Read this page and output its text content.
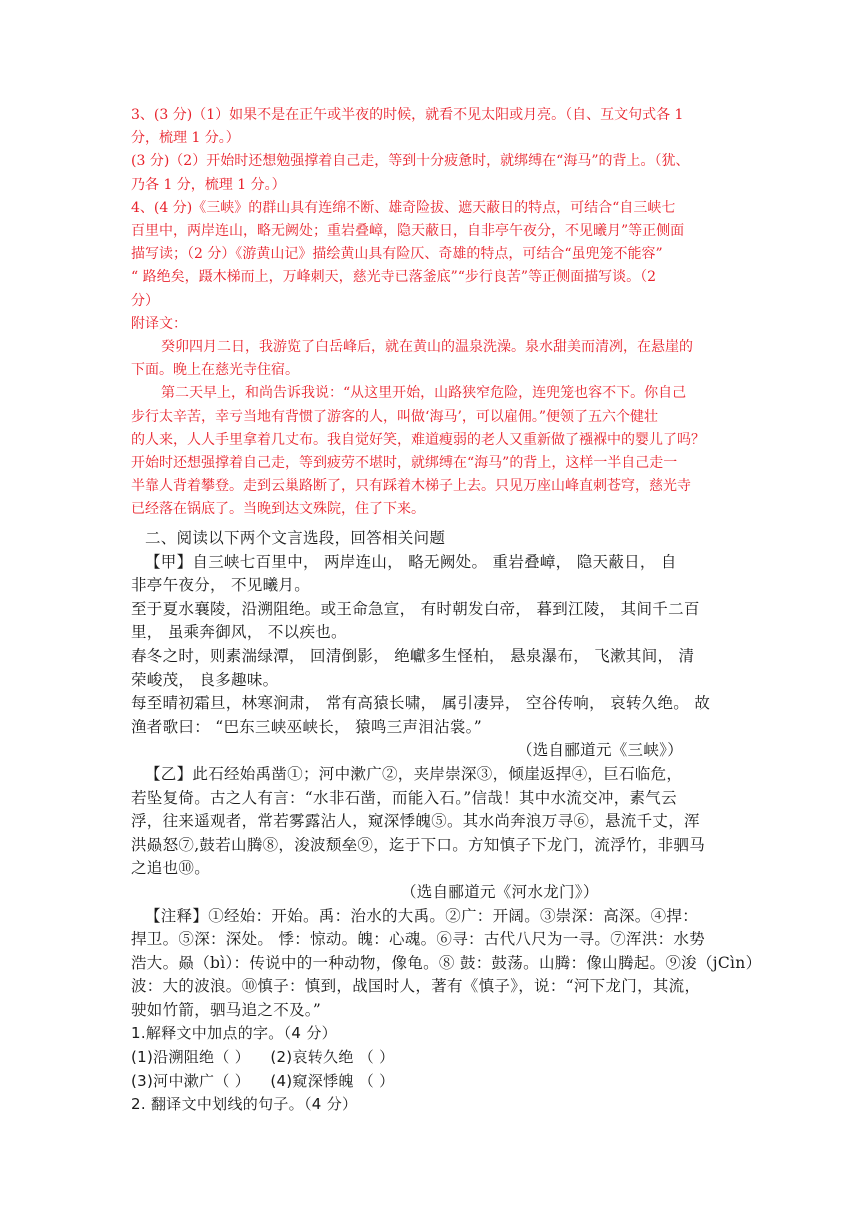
3、(3 分)（1）如果不是在正午或半夜的时候，就看不见太阳或月亮。（自、互文句式各 1

分，梳理 1 分。）

(3 分)（2）开始时还想勉强撑着自己走，等到十分疲惫时，就绑缚在“海马”的背上。（犹、

乃各 1 分，梳理 1 分。）

4、(4 分)《三峡》的群山具有连绵不断、雄奇险拔、遮天蔽日的特点，可结合“自三峡七

百里中，两岸连山，略无阙处；重岩叠嶂，隐天蔽日，自非亭午夜分，不见曦月”等正侧面

描写读；（2 分）《游黄山记》描绘黄山具有险仄、奇雄的特点，可结合“虽兜笼不能容”

“ 路绝矣，蹑木梯而上，万峰刺天，慈光寺已落釜底”“步行良苦”等正侧面描写谈。（2

分）

附译文：

癸卯四月二日，我游览了白岳峰后，就在黄山的温泉洗澡。泉水甜美而清冽，在悬崖的

下面。晚上在慈光寺住宿。

第二天早上，和尚告诉我说：“从这里开始，山路狭窄危险，连兜笼也容不下。你自己

步行太辛苦，幸亏当地有背惯了游客的人，叫做‘海马’，可以雇佣。”便领了五六个健壮

的人来，人人手里拿着几丈布。我自觉好笑，难道瘦弱的老人又重新做了襁褓中的婴儿了吗？

开始时还想强撑着自己走，等到疲劳不堪时，就绑缚在“海马”的背上，这样一半自己走一

半靠人背着攀登。走到云巢路断了，只有踩着木梯子上去。只见万座山峰直刺苍穹，慈光寺

已经落在锅底了。当晚到达文殊院，住了下来。

二、阅读以下两个文言选段，回答相关问题

【甲】自三峡七百里中， 两岸连山， 略无阙处。 重岩叠嶂， 隐天蔽日， 自

非亭午夜分， 不见曦月。

至于夏水襄陵，沿溯阻绝。或王命急宣， 有时朝发白帝， 暮到江陵， 其间千二百

里， 虽乘奔御风， 不以疾也。

春冬之时，则素湍绿潭， 回清倒影， 绝巘多生怪柏， 悬泉瀑布， 飞漱其间， 清

荣峻茂， 良多趣味。

每至晴初霜旦，林寒涧肃， 常有高猿长啸， 属引凄异， 空谷传响， 哀转久绝。 故

渔者歌曰： “巴东三峡巫峡长， 猿鸣三声泪沾裳。”

（选自郦道元《三峡》）

【乙】此石经始禹凿①；河中漱广②，夹岸崇深③，倾崖返捍④，巨石临危，

若坠复倚。古之人有言：“水非石凿，而能入石。”信哉！其中水流交冲，素气云

浮，往来遥观者，常若雾露沾人，窥深悸魄⑤。其水尚奔浪万寻⑥，悬流千丈，浑

洪赑怒⑦,鼓若山腾⑧，浚波颓垒⑨，迄于下口。方知慎子下龙门，流浮竹，非驷马

之追也⑩。

（选自郦道元《河水龙门》）

【注释】①经始：开始。禹：治水的大禹。②广：开阔。③崇深：高深。④捍：

捍卫。⑤深：深处。 悸：惊动。魄：心魂。⑥寻：古代八尺为一寻。⑦浑洪：水势

浩大。赑（bì）：传说中的一种动物，像龟。⑧ 鼓：鼓荡。山腾：像山腾起。⑨浚（jCìn）

波：大的波浪。⑩慎子：慎到，战国时人，著有《慎子》，说：“河下龙门，其流，

驶如竹箭，驷马追之不及。”

1.解释文中加点的字。（4 分）

(1)沿溯阻绝（ ） (2)哀转久绝 （ ）

(3)河中漱广（ ） (4)窥深悸魄 （ ）

2. 翻译文中划线的句子。（4 分）
